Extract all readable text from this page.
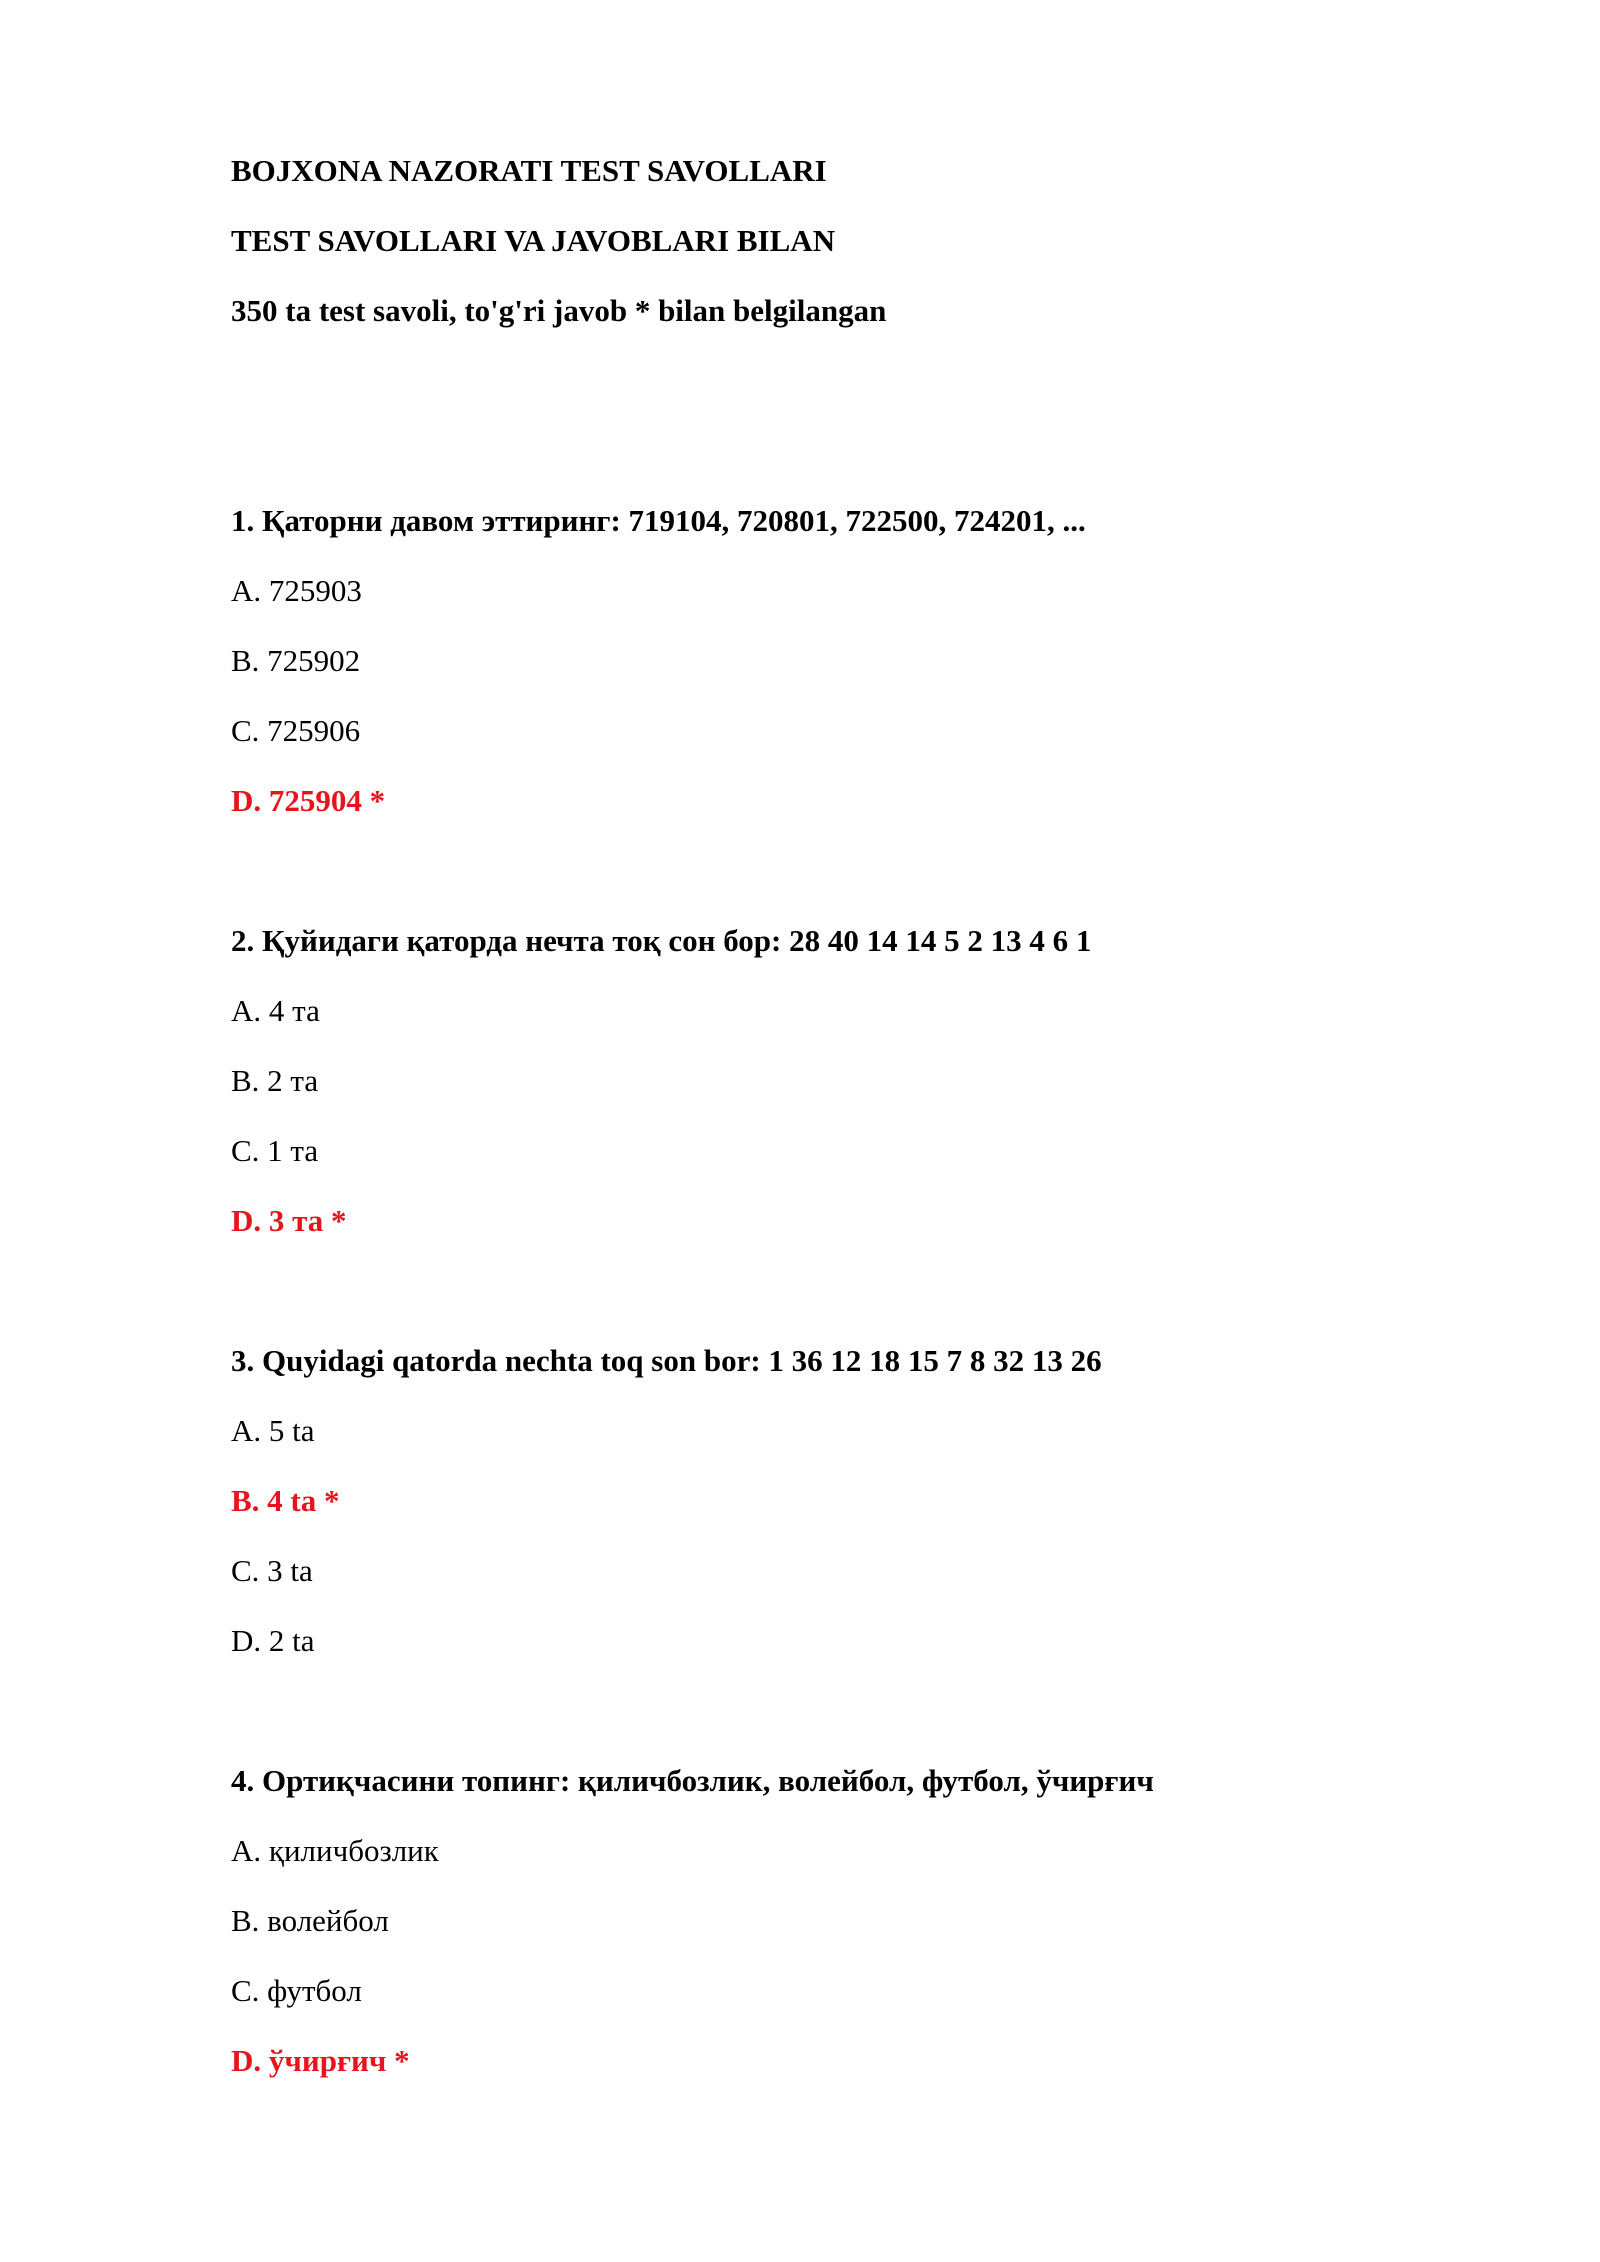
BOJXONA NAZORATI TEST SAVOLLARI
TEST SAVOLLARI VA JAVOBLARI BILAN
350 ta test savoli, to'g'ri javob * bilan belgilangan
1. Қаторни давом эттиринг: 719104, 720801, 722500, 724201, ...
A. 725903
B. 725902
C. 725906
D. 725904 *
2. Қуйидаги қаторда нечта тоқ сон бор: 28 40 14 14 5 2 13 4 6 1
A. 4 та
B. 2 та
C. 1 та
D. 3 та *
3. Quyidagi qatorda nechta toq son bor: 1 36 12 18 15 7 8 32 13 26
A. 5 ta
B. 4 ta *
C. 3 ta
D. 2 ta
4. Ортиқчасини топинг: қиличбозлик, волейбол, футбол, ўчирғич
A. қиличбозлик
B. волейбол
C. футбол
D. ўчирғич *
